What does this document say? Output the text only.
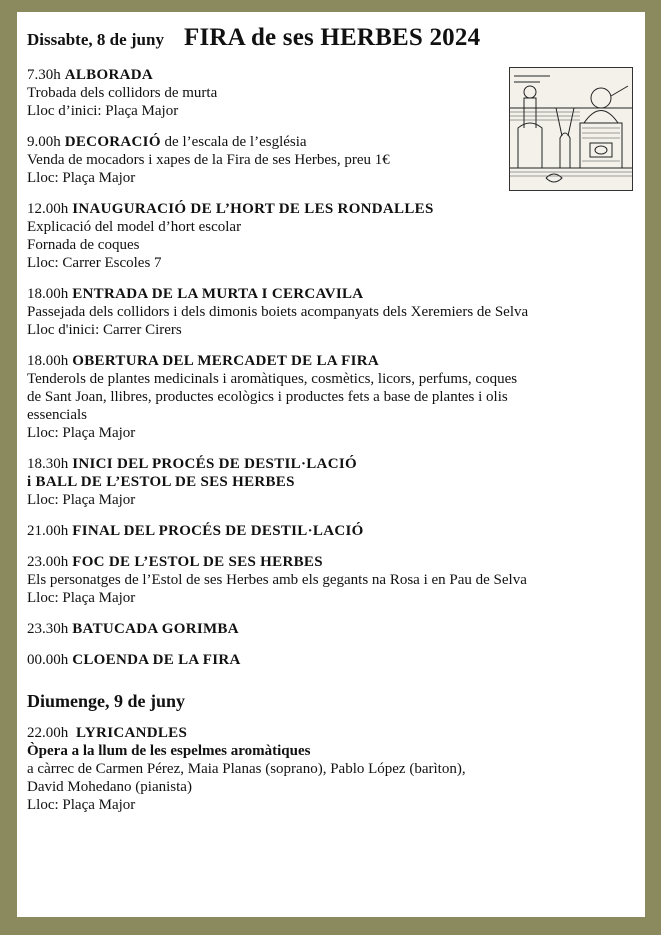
Dissabte, 8 de juny FIRA de ses HERBES 2024
7.30h ALBORADA
Trobada dels collidors de murta
Lloc d’inici: Plaça Major
9.00h DECORACIÓ de l’escala de l’església
Venda de mocadors i xapes de la Fira de ses Herbes, preu 1€
Lloc: Plaça Major
12.00h INAUGURACIÓ DE L’HORT DE LES RONDALLES
Explicació del model d’hort escolar
Fornada de coques
Lloc: Carrer Escoles 7
18.00h ENTRADA DE LA MURTA I CERCAVILA
Passejada dels collidors i dels dimonis boiets acompanyats dels Xeremiers de Selva
Lloc d'inici: Carrer Cirers
18.00h OBERTURA DEL MERCADET DE LA FIRA
Tenderols de plantes medicinals i aromàtiques, cosmètics, licors, perfums, coques
de Sant Joan, llibres, productes ecològics i productes fets a base de plantes i olis
essencials
Lloc: Plaça Major
18.30h INICI DEL PROCÉS DE DESTIL·LACIÓ
i BALL DE L’ESTOL DE SES HERBES
Lloc: Plaça Major
21.00h FINAL DEL PROCÉS DE DESTIL·LACIÓ
23.00h FOC DE L’ESTOL DE SES HERBES
Els personatges de l’Estol de ses Herbes amb els gegants na Rosa i en Pau de Selva
Lloc: Plaça Major
23.30h BATUCADA GORIMBA
00.00h CLOENDA DE LA FIRA
Diumenge, 9 de juny
22.00h LYRICANDLES
Òpera a la llum de les espelmes aromàtiques
a càrrec de Carmen Pérez, Maia Planas (soprano), Pablo López (barìton),
David Mohedano (pianista)
Lloc: Plaça Major
